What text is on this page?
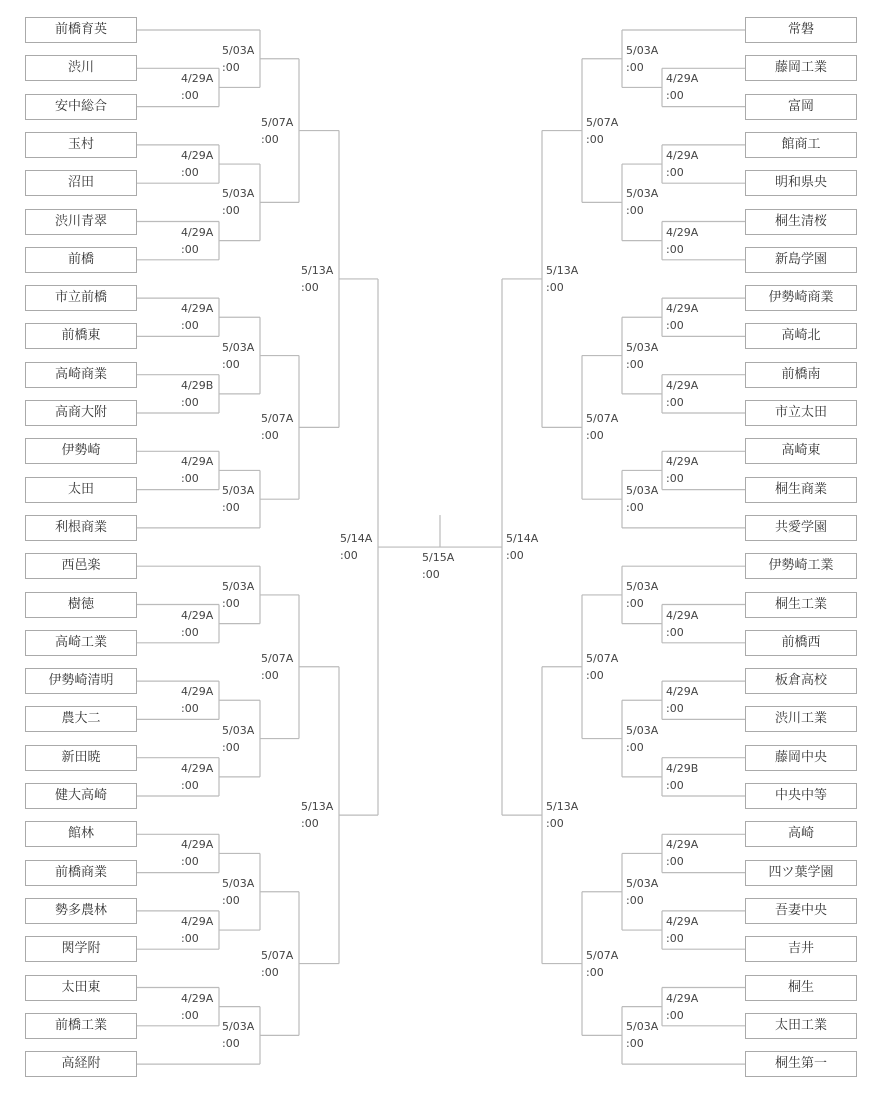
前橋育英
渋川
安中総合
玉村
沼田
渋川青翠
前橋
市立前橋
前橋東
高崎商業
高商大附
伊勢崎
太田
利根商業
西邑楽
樹徳
高崎工業
伊勢崎清明
農大二
新田暁
健大高崎
館林
前橋商業
勢多農林
関学附
太田東
前橋工業
高経附
5/03A
:00
4/29A
:00
5/07A
:00
4/29A
:00
5/03A
:00
4/29A
:00
5/13A
:00
4/29A
:00
5/03A
:00
4/29B
:00
5/07A
:00
4/29A
:00
5/03A
:00
5/14A
:00
5/03A
:00
4/29A
:00
5/07A
:00
4/29A
:00
5/03A
:00
4/29A
:00
5/13A
:00
4/29A
:00
5/03A
:00
4/29A
:00
5/07A
:00
4/29A
:00
5/03A
:00
常磐
藤岡工業
富岡
館商工
明和県央
桐生清桜
新島学園
伊勢崎商業
高崎北
前橋南
市立太田
高崎東
桐生商業
共愛学園
伊勢崎工業
桐生工業
前橋西
板倉高校
渋川工業
藤岡中央
中央中等
高崎
四ツ葉学園
吾妻中央
吉井
桐生
太田工業
桐生第一
5/03A
:00
4/29A
:00
5/07A
:00
4/29A
:00
5/03A
:00
4/29A
:00
5/13A
:00
4/29A
:00
5/03A
:00
4/29A
:00
5/07A
:00
4/29A
:00
5/03A
:00
5/14A
:00
5/03A
:00
4/29A
:00
5/07A
:00
4/29A
:00
5/03A
:00
4/29B
:00
5/13A
:00
4/29A
:00
5/03A
:00
4/29A
:00
5/07A
:00
4/29A
:00
5/03A
:00
5/15A
:00
